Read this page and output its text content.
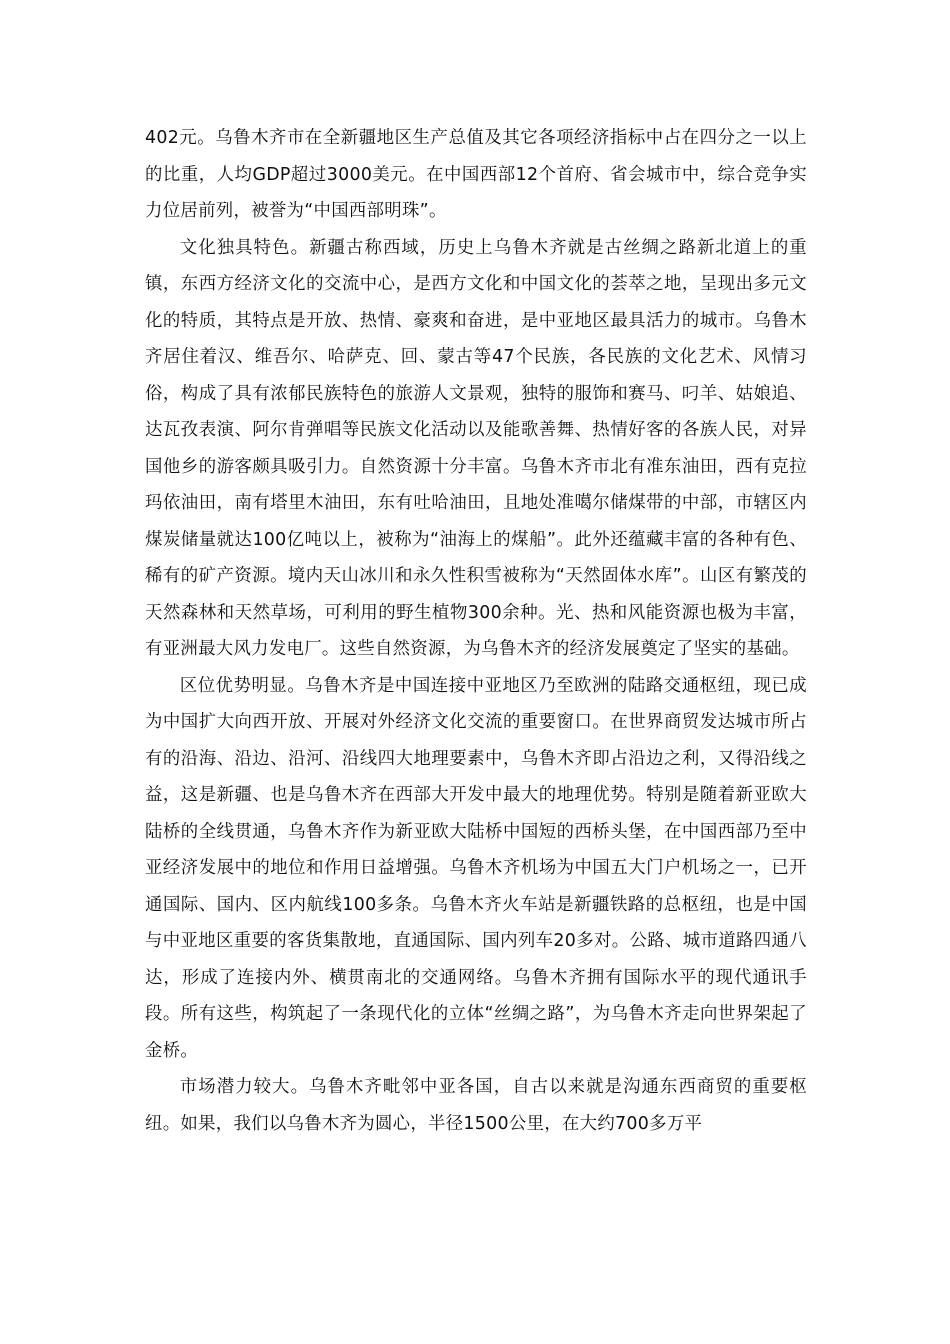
402元。乌鲁木齐市在全新疆地区生产总值及其它各项经济指标中占在四分之一以上的比重，人均GDP超过3000美元。在中国西部12个首府、省会城市中，综合竞争实力位居前列，被誉为“中国西部明珠”。

文化独具特色。新疆古称西域，历史上乌鲁木齐就是古丝绸之路新北道上的重镇，东西方经济文化的交流中心，是西方文化和中国文化的荟萃之地，呈现出多元文化的特质，其特点是开放、热情、豪爽和奋进，是中亚地区最具活力的城市。乌鲁木齐居住着汉、维吾尔、哈萨克、回、蒙古等47个民族，各民族的文化艺术、风情习俗，构成了具有浓郁民族特色的旅游人文景观，独特的服饰和赛马、叼羊、姑娘追、达瓦孜表演、阿尔肯弹唱等民族文化活动以及能歌善舞、热情好客的各族人民，对异国他乡的游客颇具吸引力。自然资源十分丰富。乌鲁木齐市北有准东油田，西有克拉玛依油田，南有塔里木油田，东有吐哈油田，且地处准噶尔储煤带的中部，市辖区内煤炭储量就达100亿吨以上，被称为“油海上的煤船”。此外还蕴藏丰富的各种有色、稀有的矿产资源。境内天山冰川和永久性积雪被称为“天然固体水库”。山区有繁茂的天然森林和天然草场，可利用的野生植物300余种。光、热和风能资源也极为丰富，有亚洲最大风力发电厂。这些自然资源，为乌鲁木齐的经济发展奠定了坚实的基础。

区位优势明显。乌鲁木齐是中国连接中亚地区乃至欧洲的陆路交通枢纽，现已成为中国扩大向西开放、开展对外经济文化交流的重要窗口。在世界商贸发达城市所占有的沿海、沿边、沿河、沿线四大地理要素中，乌鲁木齐即占沿边之利，又得沿线之益，这是新疆、也是乌鲁木齐在西部大开发中最大的地理优势。特别是随着新亚欧大陆桥的全线贯通，乌鲁木齐作为新亚欧大陆桥中国短的西桥头堡，在中国西部乃至中亚经济发展中的地位和作用日益增强。乌鲁木齐机场为中国五大门户机场之一，已开通国际、国内、区内航线100多条。乌鲁木齐火车站是新疆铁路的总枢纽，也是中国与中亚地区重要的客货集散地，直通国际、国内列车20多对。公路、城市道路四通八达，形成了连接内外、横贯南北的交通网络。乌鲁木齐拥有国际水平的现代通讯手段。所有这些，构筑起了一条现代化的立体“丝绸之路”，为乌鲁木齐走向世界架起了金桥。

市场潜力较大。乌鲁木齐毗邻中亚各国，自古以来就是沟通东西商贸的重要枢纽。如果，我们以乌鲁木齐为圆心，半径1500公里，在大约700多万平
